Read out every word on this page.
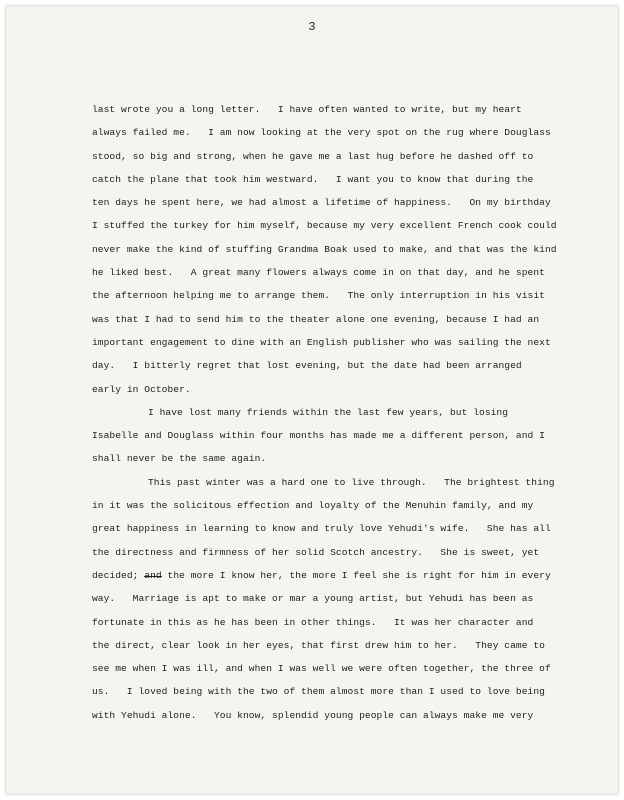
3
last wrote you a long letter.   I have often wanted to write, but my heart
always failed me.   I am now looking at the very spot on the rug where Douglass
stood, so big and strong, when he gave me a last hug before he dashed off to
catch the plane that took him westward.   I want you to know that during the
ten days he spent here, we had almost a lifetime of happiness.   On my birthday
I stuffed the turkey for him myself, because my very excellent French cook could
never make the kind of stuffing Grandma Boak used to make, and that was the kind
he liked best.   A great many flowers always come in on that day, and he spent
the afternoon helping me to arrange them.   The only interruption in his visit
was that I had to send him to the theater alone one evening, because I had an
important engagement to dine with an English publisher who was sailing the next
day.   I bitterly regret that lost evening, but the date had been arranged
early in October.
I have lost many friends within the last few years, but losing
Isabelle and Douglass within four months has made me a different person, and I
shall never be the same again.
This past winter was a hard one to live through.   The brightest thing
in it was the solicitous effection and loyalty of the Menuhin family, and my
great happiness in learning to know and truly love Yehudi's wife.   She has all
the directness and firmness of her solid Scotch ancestry.   She is sweet, yet
decided; and the more I know her, the more I feel she is right for him in every
way.   Marriage is apt to make or mar a young artist, but Yehudi has been as
fortunate in this as he has been in other things.   It was her character and
the direct, clear look in her eyes, that first drew him to her.   They came to
see me when I was ill, and when I was well we were often together, the three of
us.   I loved being with the two of them almost more than I used to love being
with Yehudi alone.   You know, splendid young people can always make me very
